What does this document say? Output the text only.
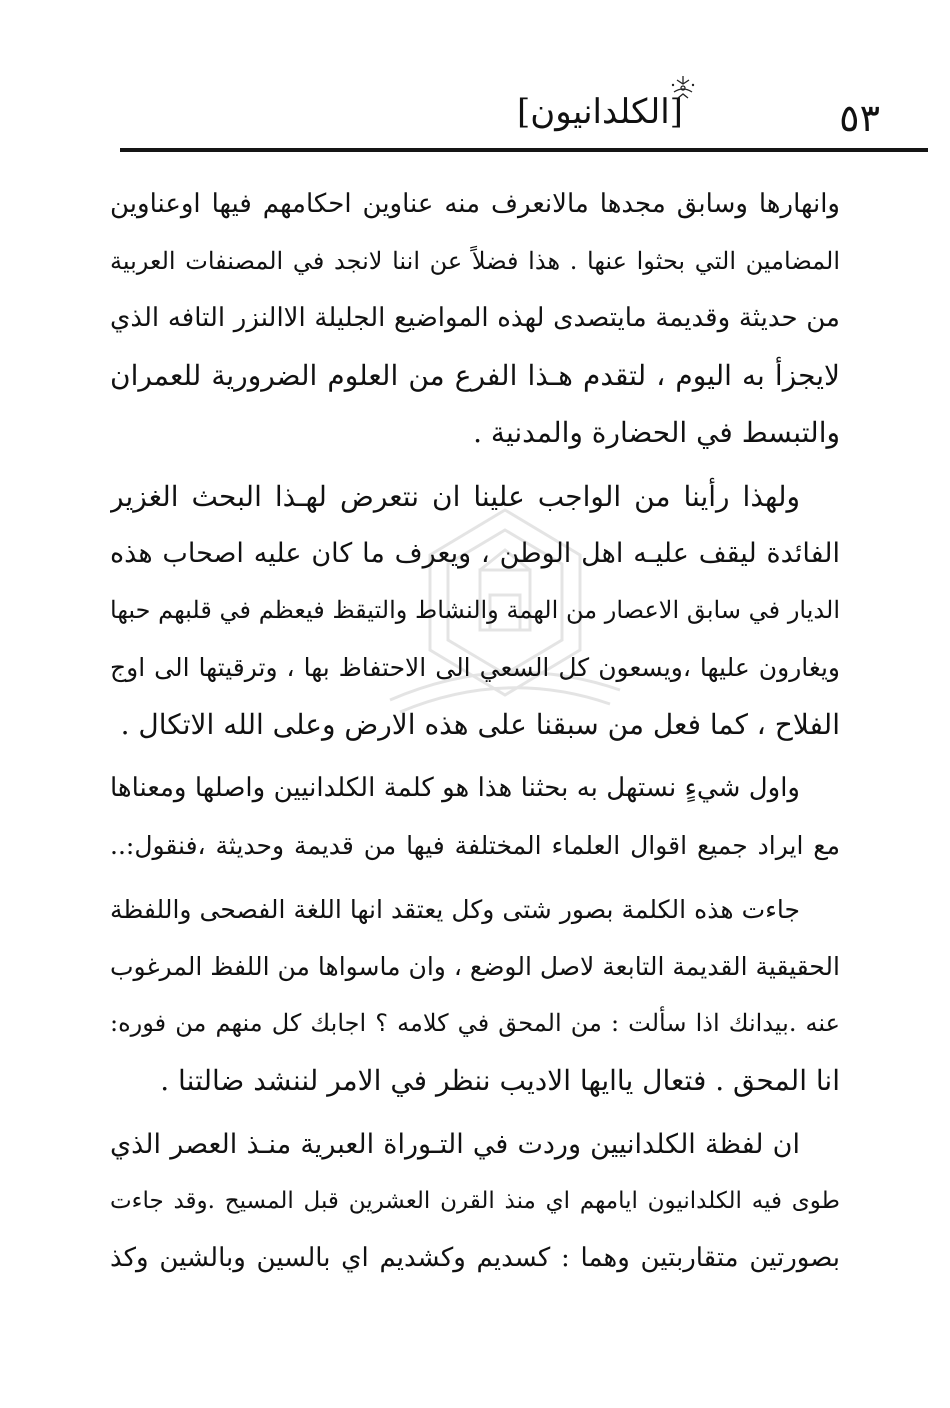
[الكلدانيون]	٥٣
وانهارها وسابق مجدها مالانعرف منه عناوين احكامهم فيها اوعناوين
المضامين التي بحثوا عنها . هذا فضلاً عن اننا لانجد في المصنفات العربية
من حديثة وقديمة مايتصدى لهذه المواضيع الجليلة الاالنزر التافه الذي
لايجزأ به اليوم ، لتقدم هـذا الفرع من العلوم الضرورية للعمران
والتبسط في الحضارة والمدنية .
ولهذا رأينا من الواجب علينا ان نتعرض لهـذا البحث الغزير
الفائدة ليقف عليـه اهل الوطن ، ويعرف ما كان عليه اصحاب هذه
الديار في سابق الاعصار من الهمة والنشاط والتيقظ فيعظم في قلبهم حبها
ويغارون عليها ،ويسعون كل السعي الى الاحتفاظ بها ، وترقيتها الى اوج
الفلاح ، كما فعل من سبقنا على هذه الارض وعلى الله الاتكال .
واول شيءٍ نستهل به بحثنا هذا هو كلمة الكلدانيين واصلها ومعناها
مع ايراد جميع اقوال العلماء المختلفة فيها من قديمة وحديثة ،فنقول:..
جاءت هذه الكلمة بصور شتى وكل يعتقد انها اللغة الفصحى واللفظة
الحقيقية القديمة التابعة لاصل الوضع ، وان ماسواها من اللفظ المرغوب
عنه .بيدانك اذا سألت : من المحق في كلامه ؟ اجابك كل منهم من فوره:
انا المحق . فتعال ياايها الاديب ننظر في الامر لننشد ضالتنا .
ان لفظة الكلدانيين وردت في التـوراة العبرية منـذ العصر الذي
طوى فيه الكلدانيون ايامهم اي منذ القرن العشرين قبل المسيح .وقد جاءت
بصورتين متقاربتين وهما : كسديم وكشديم اي بالسين وبالشين وكذ
